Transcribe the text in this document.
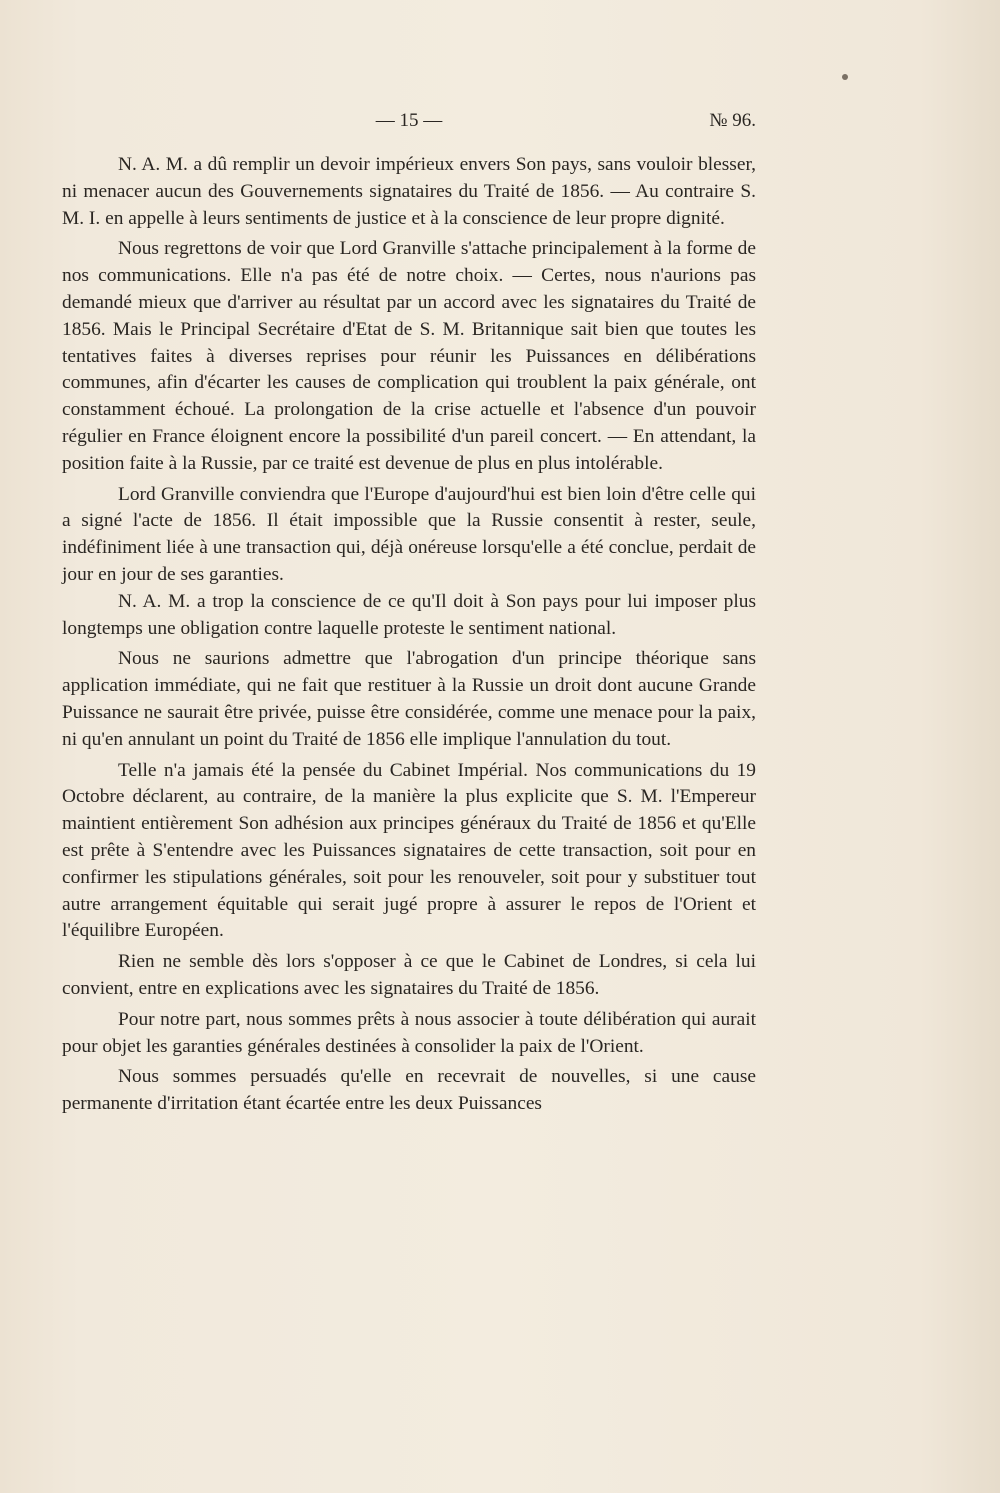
— 15 —	№ 96.

N. A. M. a dû remplir un devoir impérieux envers Son pays, sans vouloir blesser, ni menacer aucun des Gouvernements signataires du Traité de 1856. — Au contraire S. M. I. en appelle à leurs sentiments de justice et à la conscience de leur propre dignité.

Nous regrettons de voir que Lord Granville s'attache principalement à la forme de nos communications. Elle n'a pas été de notre choix. — Certes, nous n'aurions pas demandé mieux que d'arriver au résultat par un accord avec les signataires du Traité de 1856. Mais le Principal Secrétaire d'Etat de S. M. Britannique sait bien que toutes les tentatives faites à diverses reprises pour réunir les Puissances en délibérations communes, afin d'écarter les causes de complication qui troublent la paix générale, ont constamment échoué. La prolongation de la crise actuelle et l'absence d'un pouvoir régulier en France éloignent encore la possibilité d'un pareil concert. — En attendant, la position faite à la Russie, par ce traité est devenue de plus en plus intolérable.

Lord Granville conviendra que l'Europe d'aujourd'hui est bien loin d'être celle qui a signé l'acte de 1856. Il était impossible que la Russie consentit à rester, seule, indéfiniment liée à une transaction qui, déjà onéreuse lorsqu'elle a été conclue, perdait de jour en jour de ses garanties.

N. A. M. a trop la conscience de ce qu'Il doit à Son pays pour lui imposer plus longtemps une obligation contre laquelle proteste le sentiment national.

Nous ne saurions admettre que l'abrogation d'un principe théorique sans application immédiate, qui ne fait que restituer à la Russie un droit dont aucune Grande Puissance ne saurait être privée, puisse être considérée, comme une menace pour la paix, ni qu'en annulant un point du Traité de 1856 elle implique l'annulation du tout.

Telle n'a jamais été la pensée du Cabinet Impérial. Nos communications du 19 Octobre déclarent, au contraire, de la manière la plus explicite que S. M. l'Empereur maintient entièrement Son adhésion aux principes généraux du Traité de 1856 et qu'Elle est prête à S'entendre avec les Puissances signataires de cette transaction, soit pour en confirmer les stipulations générales, soit pour les renouveler, soit pour y substituer tout autre arrangement équitable qui serait jugé propre à assurer le repos de l'Orient et l'équilibre Européen.

Rien ne semble dès lors s'opposer à ce que le Cabinet de Londres, si cela lui convient, entre en explications avec les signataires du Traité de 1856.

Pour notre part, nous sommes prêts à nous associer à toute délibération qui aurait pour objet les garanties générales destinées à consolider la paix de l'Orient.

Nous sommes persuadés qu'elle en recevrait de nouvelles, si une cause permanente d'irritation étant écartée entre les deux Puissances
